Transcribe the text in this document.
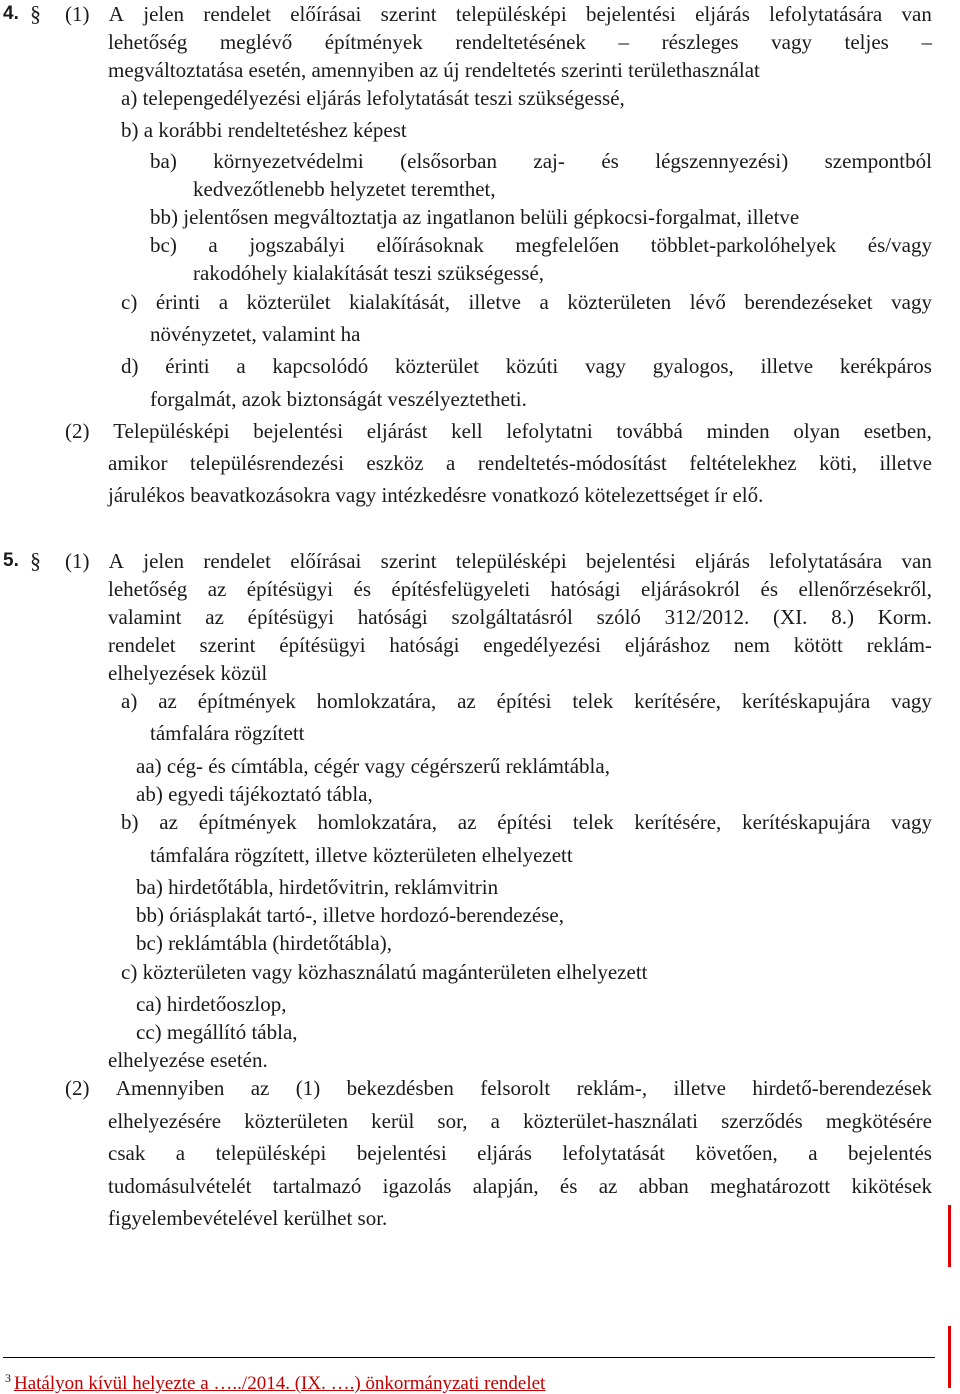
4. § (1) A jelen rendelet előírásai szerint településképi bejelentési eljárás lefolytatására van
lehetőség meglévő építmények rendeltetésének – részleges vagy teljes –
megváltoztatása esetén, amennyiben az új rendeltetés szerinti területhasználat
a) telepengedélyezési eljárás lefolytatását teszi szükségessé,
b) a korábbi rendeltetéshez képest
ba) környezetvédelmi (elsősorban zaj- és légszennyezési) szempontból
kedvezőtlenebb helyzetet teremthet,
bb) jelentősen megváltoztatja az ingatlanon belüli gépkocsi-forgalmat, illetve
bc) a jogszabályi előírásoknak megfelelően többlet-parkolóhelyek és/vagy
rakodóhely kialakítását teszi szükségessé,
c) érinti a közterület kialakítását, illetve a közterületen lévő berendezéseket vagy
növényzetet, valamint ha
d) érinti a kapcsolódó közterület közúti vagy gyalogos, illetve kerékpáros
forgalmát, azok biztonságát veszélyeztetheti.
(2) Településképi bejelentési eljárást kell lefolytatni továbbá minden olyan esetben,
amikor településrendezési eszköz a rendeltetés-módosítást feltételekhez köti, illetve
járulékos beavatkozásokra vagy intézkedésre vonatkozó kötelezettséget ír elő.
5. § (1) A jelen rendelet előírásai szerint településképi bejelentési eljárás lefolytatására van
lehetőség az építésügyi és építésfelügyeleti hatósági eljárásokról és ellenőrzésekről,
valamint az építésügyi hatósági szolgáltatásról szóló 312/2012. (XI. 8.) Korm.
rendelet szerint építésügyi hatósági engedélyezési eljáráshoz nem kötött reklám-
elhelyezések közül
a) az építmények homlokzatára, az építési telek kerítésére, kerítéskapujára vagy
támfalára rögzített
aa) cég- és címtábla, cégér vagy cégérszerű reklámtábla,
ab) egyedi tájékoztató tábla,
b) az építmények homlokzatára, az építési telek kerítésére, kerítéskapujára vagy
támfalára rögzített, illetve közterületen elhelyezett
ba) hirdetőtábla, hirdetővitrin, reklámvitrin
bb) óriásplakát tartó-, illetve hordozó-berendezése,
bc) reklámtábla (hirdetőtábla),
c) közterületen vagy közhasználatú magánterületen elhelyezett
ca) hirdetőoszlop,
cc) megállító tábla,
elhelyezése esetén.
(2) Amennyiben az (1) bekezdésben felsorolt reklám-, illetve hirdető-berendezések
elhelyezésére közterületen kerül sor, a közterület-használati szerződés megkötésére
csak a településképi bejelentési eljárás lefolytatását követően, a bejelentés
tudomásulvételét tartalmazó igazolás alapján, és az abban meghatározott kikötések
figyelembevételével kerülhet sor.
$^3$ Hatályon kívül helyezte a …../2014. (IX. ….) önkormányzati rendelet
